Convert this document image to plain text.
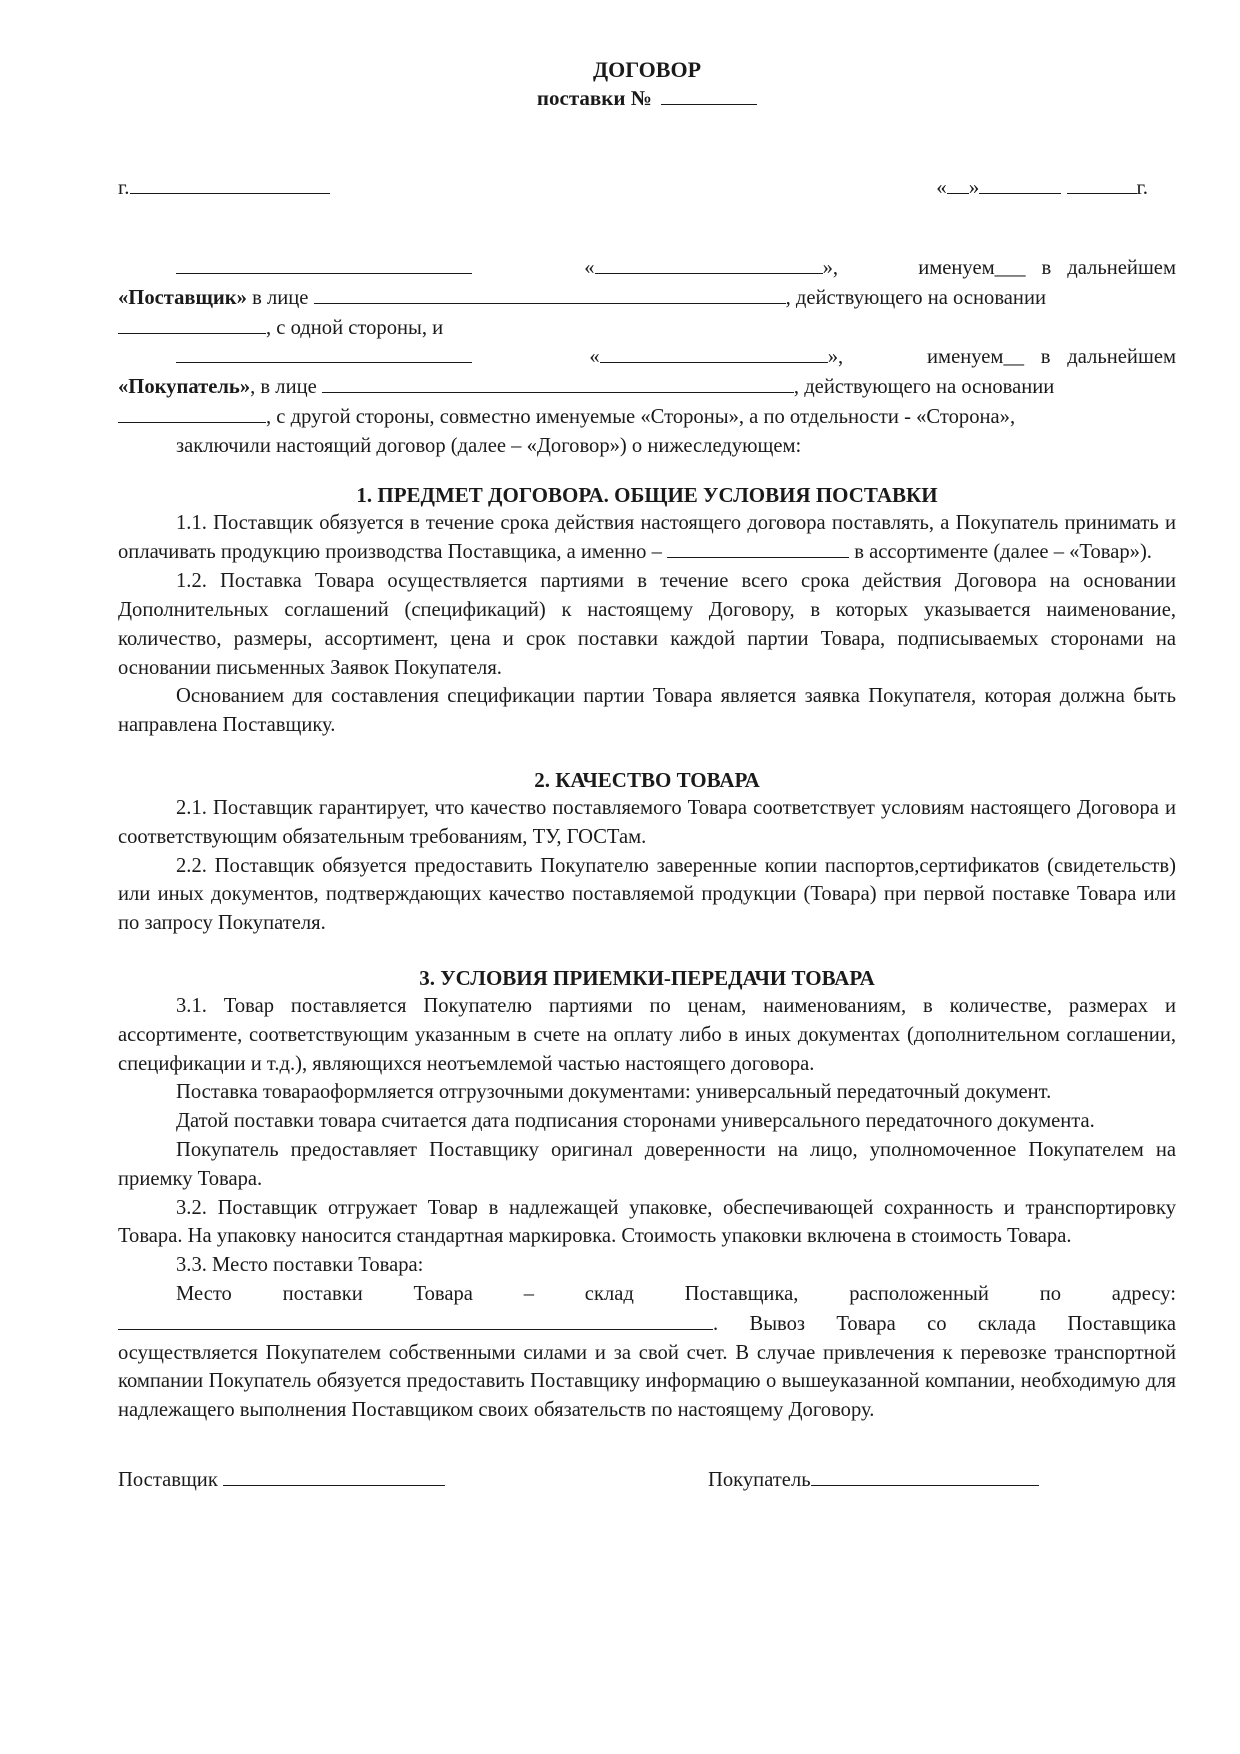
ДОГОВОР
поставки №
г.	« »	г.

«	»,	именуем___ в дальнейшем

«Поставщик» в лице	, действующего на основании

, с одной стороны, и

«	»,	именуем__ в дальнейшем

«Покупатель», в лице	, действующего на основании

, с другой стороны, совместно именуемые «Стороны», а по отдельности - «Сторона»,

заключили настоящий договор (далее – «Договор») о нижеследующем:

1. ПРЕДМЕТ ДОГОВОРА. ОБЩИЕ УСЛОВИЯ ПОСТАВКИ

1.1. Поставщик обязуется в течение срока действия настоящего договора поставлять, а Покупатель принимать и оплачивать продукцию производства Поставщика, а именно –	в ассортименте (далее – «Товар»).

1.2. Поставка Товара осуществляется партиями в течение всего срока действия Договора на основании Дополнительных соглашений (спецификаций) к настоящему Договору, в которых указывается наименование, количество, размеры, ассортимент, цена и срок поставки каждой партии Товара, подписываемых сторонами на основании письменных Заявок Покупателя.

Основанием для составления спецификации партии Товара является заявка Покупателя, которая должна быть направлена Поставщику.

2. КАЧЕСТВО ТОВАРА

2.1. Поставщик гарантирует, что качество поставляемого Товара соответствует условиям настоящего Договора и соответствующим обязательным требованиям, ТУ, ГОСТам.

2.2. Поставщик обязуется предоставить Покупателю заверенные копии паспортов,сертификатов (свидетельств) или иных документов, подтверждающих качество поставляемой продукции (Товара) при первой поставке Товара или по запросу Покупателя.

3. УСЛОВИЯ ПРИЕМКИ-ПЕРЕДАЧИ ТОВАРА

3.1. Товар поставляется Покупателю партиями по ценам, наименованиям, в количестве, размерах и ассортименте, соответствующим указанным в счете на оплату либо в иных документах (дополнительном соглашении, спецификации и т.д.), являющихся неотъемлемой частью настоящего договора.

Поставка товараоформляется отгрузочными документами: универсальный передаточный документ.

Датой поставки товара считается дата подписания сторонами универсального передаточного документа.

Покупатель предоставляет Поставщику оригинал доверенности на лицо, уполномоченное Покупателем на приемку Товара.

3.2. Поставщик отгружает Товар в надлежащей упаковке, обеспечивающей сохранность и транспортировку Товара. На упаковку наносится стандартная маркировка. Стоимость упаковки включена в стоимость Товара.

3.3. Место поставки Товара:

Место поставки Товара – склад Поставщика, расположенный по адресу: . Вывоз Товара со склада Поставщика осуществляется Покупателем собственными силами и за свой счет. В случае привлечения к перевозке транспортной компании Покупатель обязуется предоставить Поставщику информацию о вышеуказанной компании, необходимую для надлежащего выполнения Поставщиком своих обязательств по настоящему Договору.

Поставщик	Покупатель
